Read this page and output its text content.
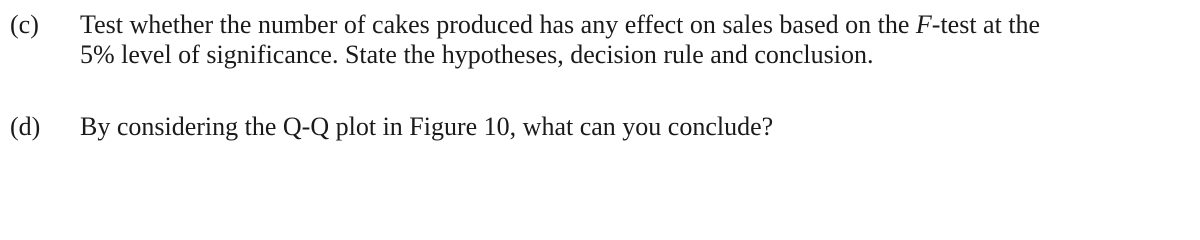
(c) Test whether the number of cakes produced has any effect on sales based on the F-test at the
5% level of significance. State the hypotheses, decision rule and conclusion.
(d) By considering the Q-Q plot in Figure 10, what can you conclude?
